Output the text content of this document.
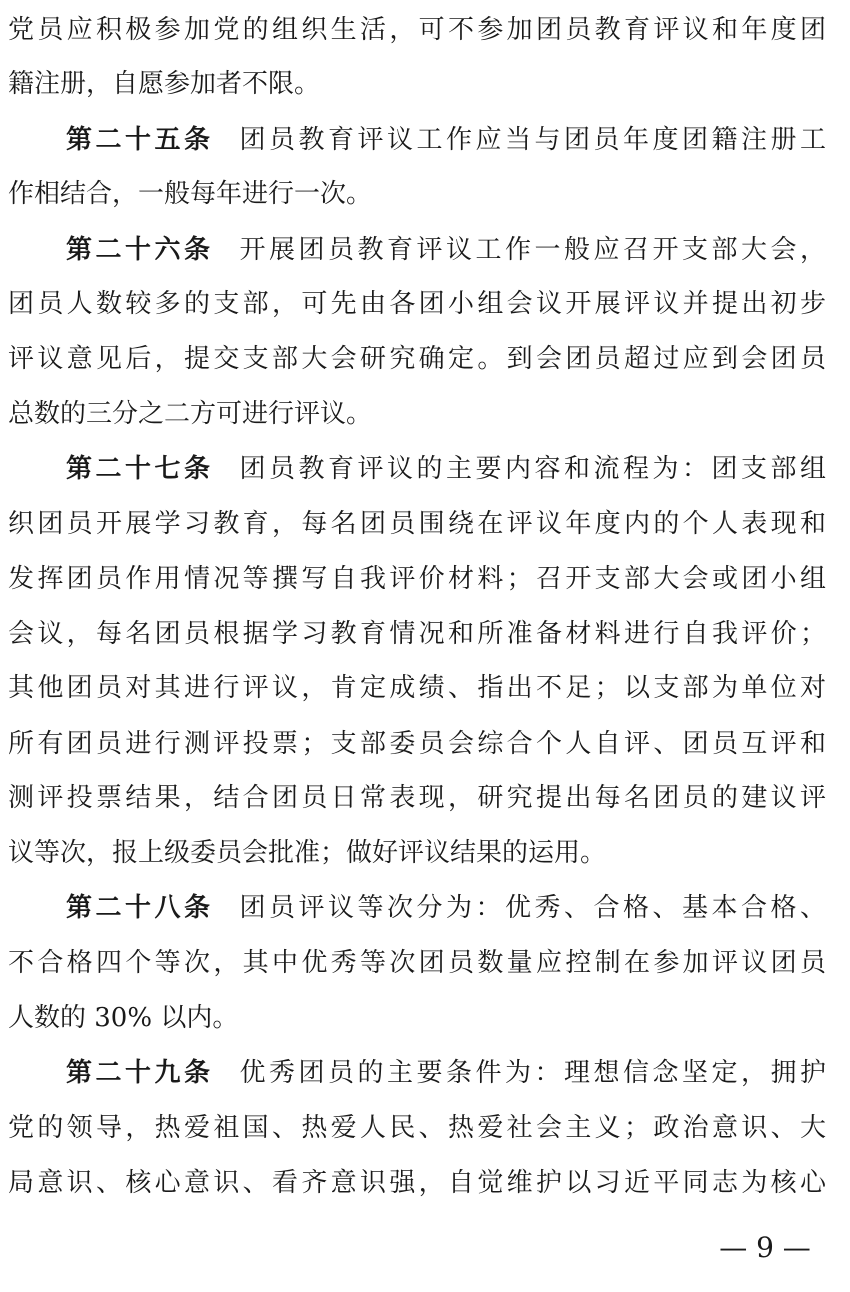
党员应积极参加党的组织生活，可不参加团员教育评议和年度团
籍注册，自愿参加者不限。
第二十五条 团员教育评议工作应当与团员年度团籍注册工
作相结合，一般每年进行一次。
第二十六条 开展团员教育评议工作一般应召开支部大会，
团员人数较多的支部，可先由各团小组会议开展评议并提出初步
评议意见后，提交支部大会研究确定。到会团员超过应到会团员
总数的三分之二方可进行评议。
第二十七条 团员教育评议的主要内容和流程为：团支部组
织团员开展学习教育，每名团员围绕在评议年度内的个人表现和
发挥团员作用情况等撰写自我评价材料；召开支部大会或团小组
会议，每名团员根据学习教育情况和所准备材料进行自我评价；
其他团员对其进行评议，肯定成绩、指出不足；以支部为单位对
所有团员进行测评投票；支部委员会综合个人自评、团员互评和
测评投票结果，结合团员日常表现，研究提出每名团员的建议评
议等次，报上级委员会批准；做好评议结果的运用。
第二十八条 团员评议等次分为：优秀、合格、基本合格、
不合格四个等次，其中优秀等次团员数量应控制在参加评议团员
人数的 30% 以内。
第二十九条 优秀团员的主要条件为：理想信念坚定，拥护
党的领导，热爱祖国、热爱人民、热爱社会主义；政治意识、大
局意识、核心意识、看齐意识强，自觉维护以习近平同志为核心
— 9 —
